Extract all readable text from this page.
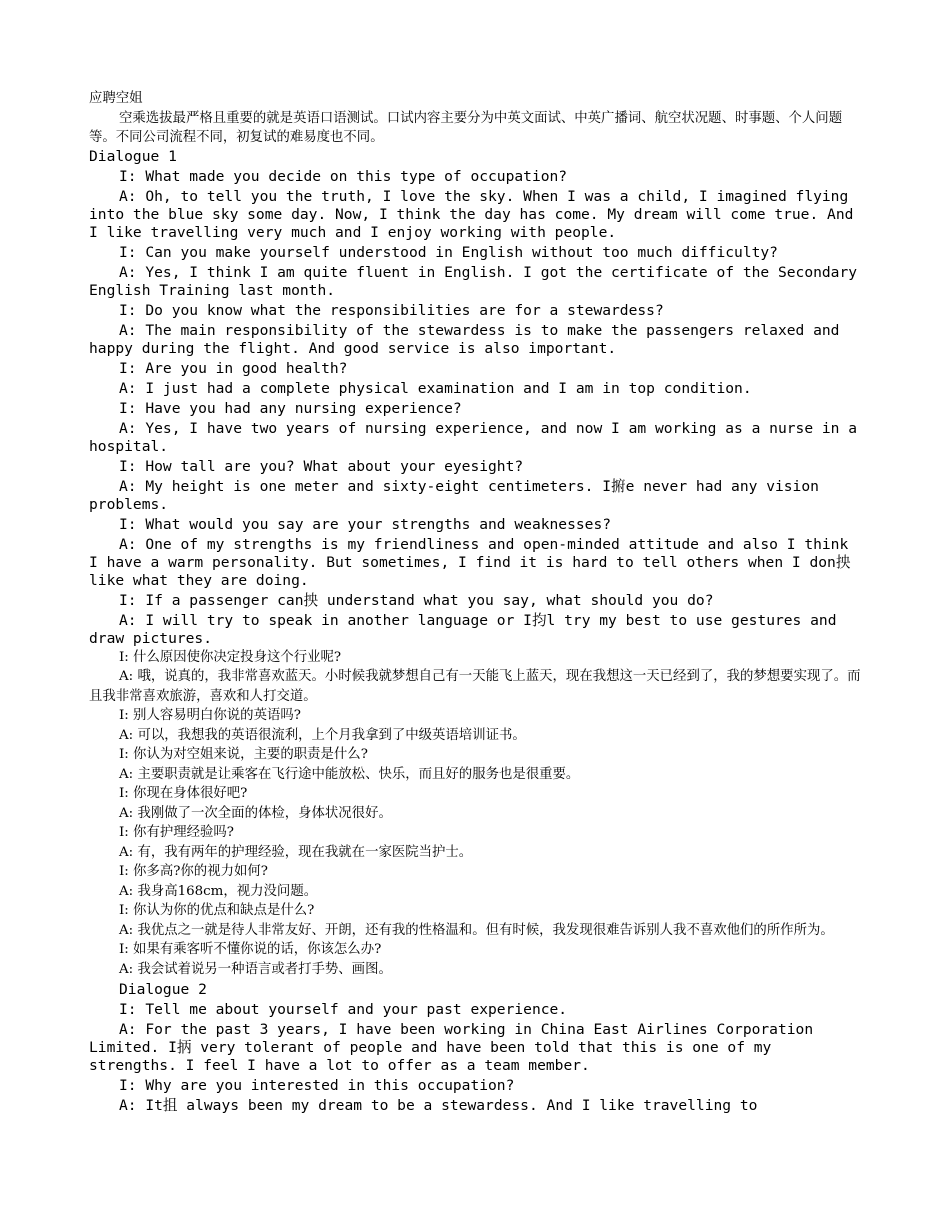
应聘空姐

空乘选拔最严格且重要的就是英语口语测试。口试内容主要分为中英文面试、中英广播词、航空状况题、时事题、个人问题等。不同公司流程不同，初复试的难易度也不同。

Dialogue 1

I: What made you decide on this type of occupation?

A: Oh, to tell you the truth, I love the sky. When I was a child, I imagined flying into the blue sky some day. Now, I think the day has come. My dream will come true. And I like travelling very much and I enjoy working with people.

I: Can you make yourself understood in English without too much difficulty?

A: Yes, I think I am quite fluent in English. I got the certificate of the Secondary English Training last month.

I: Do you know what the responsibilities are for a stewardess?

A: The main responsibility of the stewardess is to make the passengers relaxed and happy during the flight. And good service is also important.

I: Are you in good health?

A: I just had a complete physical examination and I am in top condition.

I: Have you had any nursing experience?

A: Yes, I have two years of nursing experience, and now I am working as a nurse in a hospital.

I: How tall are you? What about your eyesight?

A: My height is one meter and sixty-eight centimeters. I捬e never had any vision problems.

I: What would you say are your strengths and weaknesses?

A: One of my strengths is my friendliness and open-minded attitude and also I think I have a warm personality. But sometimes, I find it is hard to tell others when I don抰 like what they are doing.

I: If a passenger can抰 understand what you say, what should you do?

A: I will try to speak in another language or I抣l try my best to use gestures and draw pictures.

I: 什么原因使你决定投身这个行业呢?

A: 哦，说真的，我非常喜欢蓝天。小时候我就梦想自己有一天能飞上蓝天，现在我想这一天已经到了，我的梦想要实现了。而且我非常喜欢旅游，喜欢和人打交道。

I: 别人容易明白你说的英语吗?

A: 可以，我想我的英语很流利，上个月我拿到了中级英语培训证书。

I: 你认为对空姐来说，主要的职责是什么?

A: 主要职责就是让乘客在飞行途中能放松、快乐，而且好的服务也是很重要。

I: 你现在身体很好吧?

A: 我刚做了一次全面的体检，身体状况很好。

I: 你有护理经验吗?

A: 有，我有两年的护理经验，现在我就在一家医院当护士。

I: 你多高?你的视力如何?

A: 我身高168cm，视力没问题。

I: 你认为你的优点和缺点是什么?

A: 我优点之一就是待人非常友好、开朗，还有我的性格温和。但有时候，我发现很难告诉别人我不喜欢他们的所作所为。

I: 如果有乘客听不懂你说的话，你该怎么办?

A: 我会试着说另一种语言或者打手势、画图。

Dialogue 2

I: Tell me about yourself and your past experience.

A: For the past 3 years, I have been working in China East Airlines Corporation Limited. I抦 very tolerant of people and have been told that this is one of my strengths. I feel I have a lot to offer as a team member.

I: Why are you interested in this occupation?

A: It抯 always been my dream to be a stewardess. And I like travelling to
